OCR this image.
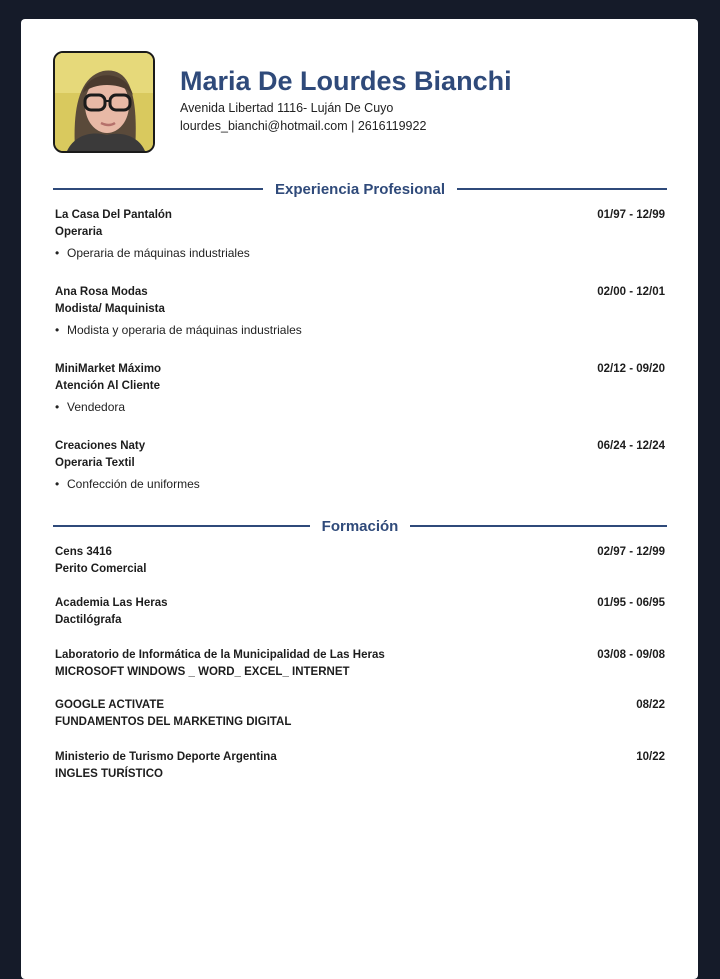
Maria De Lourdes Bianchi
Avenida Libertad 1116- Luján De Cuyo
lourdes_bianchi@hotmail.com | 2616119922
Experiencia Profesional
La Casa Del Pantalón	01/97 - 12/99
Operaria
• Operaria de máquinas industriales
Ana Rosa Modas	02/00 - 12/01
Modista/ Maquinista
• Modista y operaria de máquinas industriales
MiniMarket Máximo	02/12 - 09/20
Atención Al Cliente
• Vendedora
Creaciones Naty	06/24 - 12/24
Operaria Textil
• Confección de uniformes
Formación
Cens 3416	02/97 - 12/99
Perito Comercial
Academia Las Heras	01/95 - 06/95
Dactilógrafa
Laboratorio de Informática de la Municipalidad de Las Heras	03/08 - 09/08
MICROSOFT WINDOWS _ WORD_ EXCEL_ INTERNET
GOOGLE ACTIVATE	08/22
FUNDAMENTOS DEL MARKETING DIGITAL
Ministerio de Turismo Deporte Argentina	10/22
INGLES TURÍSTICO
